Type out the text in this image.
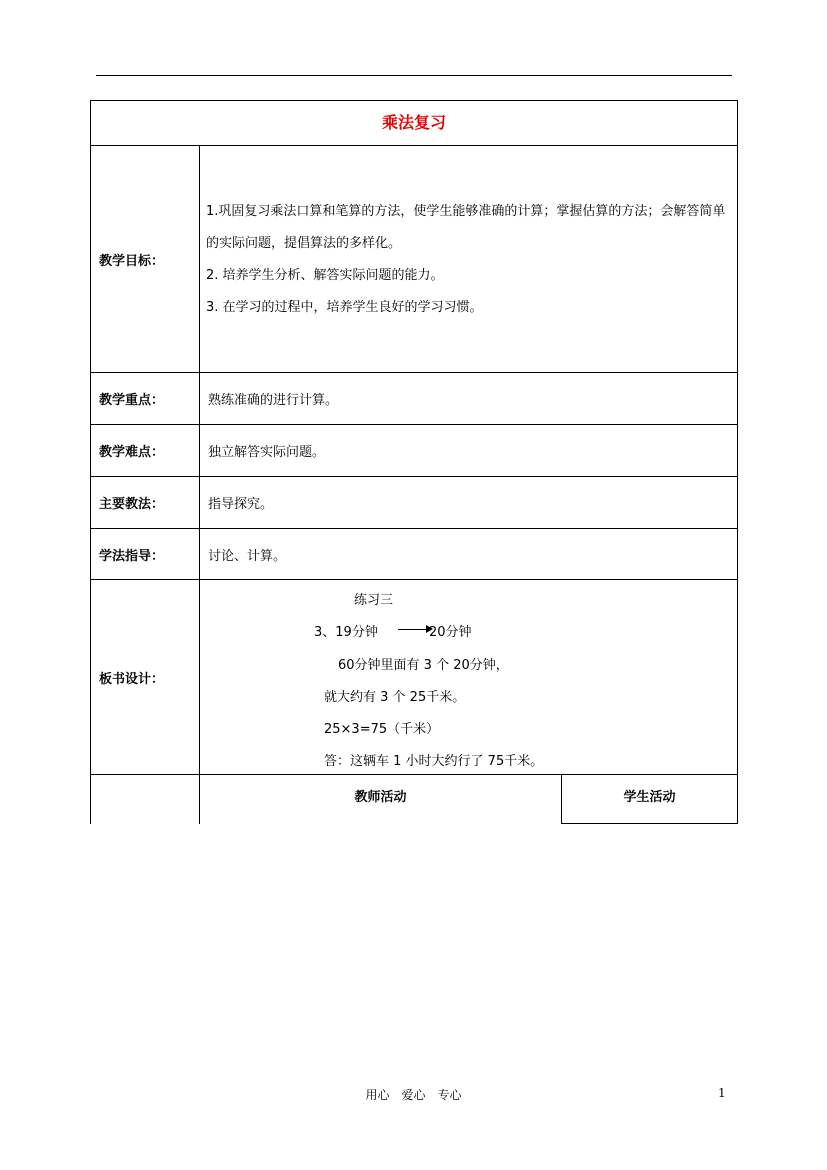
乘法复习
教学目标：

1.巩固复习乘法口算和笔算的方法，使学生能够准确的计算；掌握估算的方法；会解答简单的实际问题，提倡算法的多样化。

2. 培养学生分析、解答实际问题的能力。

3. 在学习的过程中，培养学生良好的学习习惯。

教学重点：	熟练准确的进行计算。
教学难点：	独立解答实际问题。
主要教法：	指导探究。
学法指导：	讨论、计算。
板书设计：
练习三
3、19分钟	20分钟
60分钟里面有 3 个 20分钟，
就大约有 3 个 25千米。
25×3=75（千米）
答：这辆车 1 小时大约行了 75千米。
教师活动	学生活动
用心　爱心　专心	1
